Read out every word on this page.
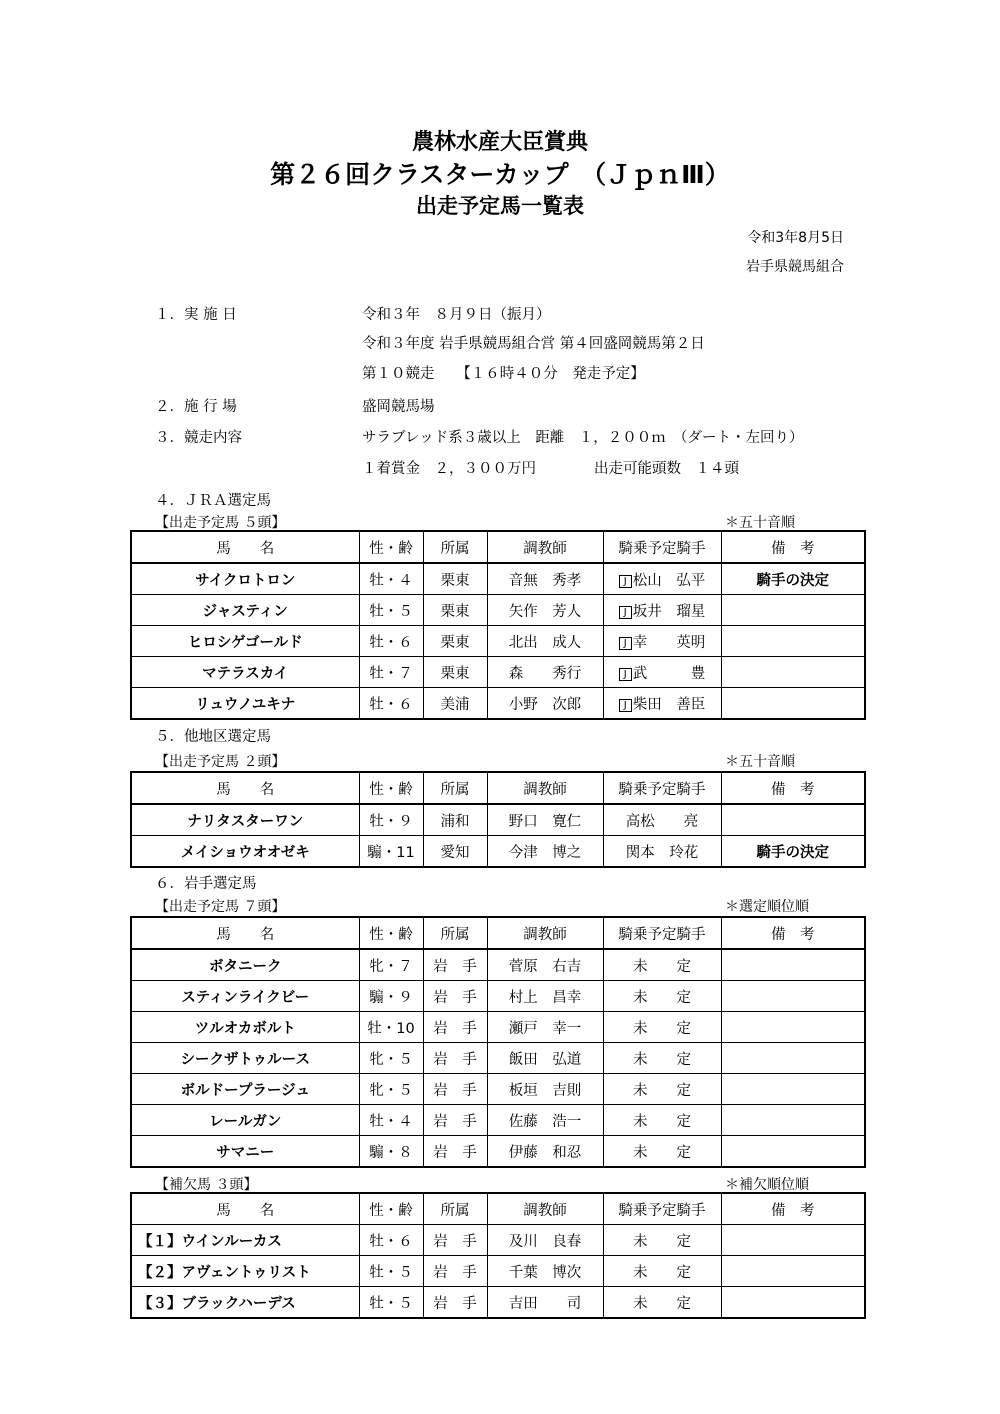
農林水産大臣賞典
第２６回クラスターカップ　（ＪｐｎⅢ）
出走予定馬一覧表
令和3年8月5日
岩手県競馬組合
１．実 施 日	令和３年　８月９日（振月）
令和３年度 岩手県競馬組合営 第４回盛岡競馬第２日
第１０競走　　【１６時４０分　発走予定】
２．施 行 場	盛岡競馬場
３．競走内容	サラブレッド系３歳以上　距離　１，２００ｍ　（ダート・左回り）
１着賞金　２，３００万円　　　　出走可能頭数　１４頭
４．ＪＲＡ選定馬
【出走予定馬 ５頭】	＊五十音順
馬　　名	性・齢	所属	調教師	騎乗予定騎手	備　考
サイクロトロン	牡・４	栗東	音無　秀孝	J 松山　弘平	騎手の決定
ジャスティン	牡・５	栗東	矢作　芳人	J 坂井　瑠星	
ヒロシゲゴールド	牡・６	栗東	北出　成人	J 幸　　英明	
マテラスカイ	牡・７	栗東	森　　秀行	J 武　　　豊	
リュウノユキナ	牡・６	美浦	小野　次郎	J 柴田　善臣	
５．他地区選定馬
【出走予定馬 ２頭】	＊五十音順
馬　　名	性・齢	所属	調教師	騎乗予定騎手	備　考
ナリタスターワン	牡・９	浦和	野口　寛仁	高松　　亮	
メイショウオオゼキ	騸・11	愛知	今津　博之	関本　玲花	騎手の決定
６．岩手選定馬
【出走予定馬 ７頭】	＊選定順位順
馬　　名	性・齢	所属	調教師	騎乗予定騎手	備　考
ボタニーク	牝・７	岩　手	菅原　右吉	未　　定	
スティンライクビー	騸・９	岩　手	村上　昌幸	未　　定	
ツルオカボルト	牡・10	岩　手	瀬戸　幸一	未　　定	
シークザトゥルース	牝・５	岩　手	飯田　弘道	未　　定	
ボルドープラージュ	牝・５	岩　手	板垣　吉則	未　　定	
レールガン	牡・４	岩　手	佐藤　浩一	未　　定	
サマニー	騸・８	岩　手	伊藤　和忍	未　　定	
【補欠馬 ３頭】	＊補欠順位順
馬　　名	性・齢	所属	調教師	騎乗予定騎手	備　考
【１】ウインルーカス	牡・６	岩　手	及川　良春	未　　定	
【２】アヴェントゥリスト	牡・５	岩　手	千葉　博次	未　　定	
【３】ブラックハーデス	牡・５	岩　手	吉田　　司	未　　定	
